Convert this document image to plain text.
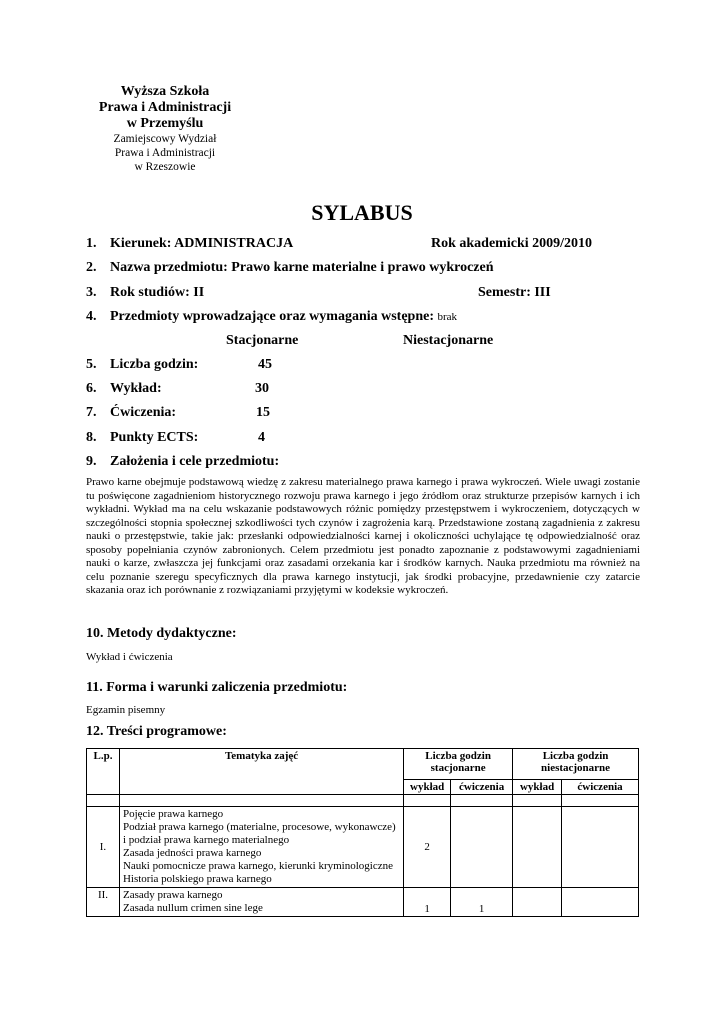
Wyższa Szkoła
Prawa i Administracji
w Przemyślu
Zamiejscowy Wydział
Prawa i Administracji
w Rzeszowie
SYLABUS
1. Kierunek: ADMINISTRACJA	Rok akademicki 2009/2010
2. Nazwa przedmiotu: Prawo karne materialne i prawo wykroczeń
3. Rok studiów: II	Semestr: III
4. Przedmioty wprowadzające oraz wymagania wstępne: brak
Stacjonarne	Niestacjonarne
5. Liczba godzin:	45
6. Wykład:	30
7. Ćwiczenia:	15
8. Punkty ECTS:	4
9. Założenia i cele przedmiotu:
Prawo karne obejmuje podstawową wiedzę z zakresu materialnego prawa karnego i prawa wykroczeń. Wiele uwagi zostanie tu poświęcone zagadnieniom historycznego rozwoju prawa karnego i jego źródłom oraz strukturze przepisów karnych i ich wykładni. Wykład ma na celu wskazanie podstawowych różnic pomiędzy przestępstwem i wykroczeniem, dotyczących w szczególności stopnia społecznej szkodliwości tych czynów i zagrożenia karą. Przedstawione zostaną zagadnienia z zakresu nauki o przestępstwie, takie jak: przesłanki odpowiedzialności karnej i okoliczności uchylające tę odpowiedzialność oraz sposoby popełniania czynów zabronionych. Celem przedmiotu jest ponadto zapoznanie z podstawowymi zagadnieniami nauki o karze, zwłaszcza jej funkcjami oraz zasadami orzekania kar i środków karnych. Nauka przedmiotu ma również na celu poznanie szeregu specyficznych dla prawa karnego instytucji, jak środki probacyjne, przedawnienie czy zatarcie skazania oraz ich porównanie z rozwiązaniami przyjętymi w kodeksie wykroczeń.
10. Metody dydaktyczne:
Wykład i ćwiczenia
11. Forma i warunki zaliczenia przedmiotu:
Egzamin pisemny
12. Treści programowe:
L.p.	Tematyka zajęć	Liczba godzin stacjonarne		Liczba godzin niestacjonarne	
		wykład	ćwiczenia	wykład	ćwiczenia

I.	Pojęcie prawa karnego
Podział prawa karnego (materialne, procesowe, wykonawcze) i podział prawa karnego materialnego
Zasada jedności prawa karnego
Nauki pomocnicze prawa karnego, kierunki kryminologiczne
Historia polskiego prawa karnego	2			
II.	Zasady prawa karnego
Zasada nullum crimen sine lege	1	1		
